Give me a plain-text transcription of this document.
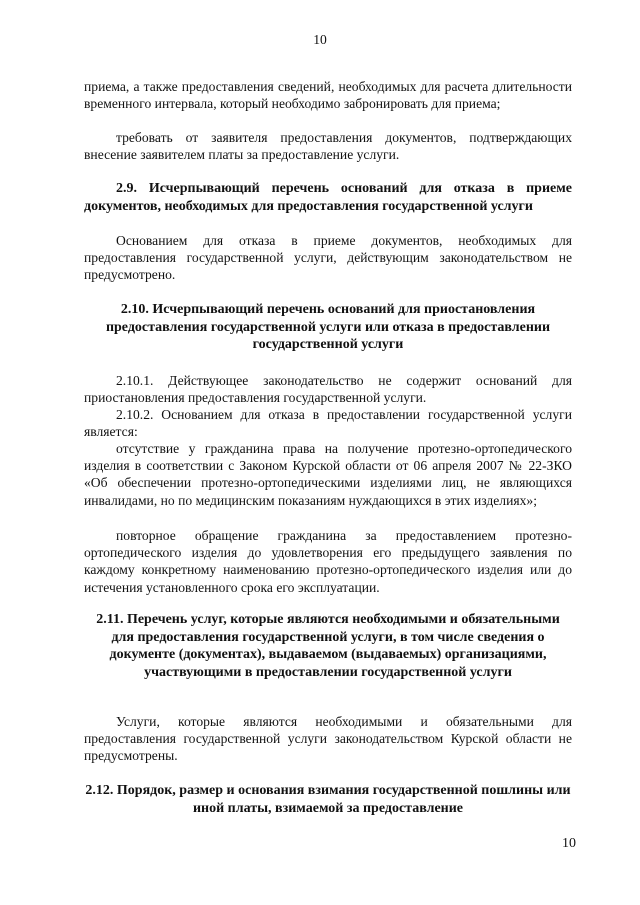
10

приема, а также предоставления сведений, необходимых для расчета длительности временного интервала, который необходимо забронировать для приема;

требовать от заявителя предоставления документов, подтверждающих внесение заявителем платы за предоставление услуги.

2.9. Исчерпывающий перечень оснований для отказа в приеме документов, необходимых для предоставления государственной услуги

Основанием для отказа в приеме документов, необходимых для предоставления государственной услуги, действующим законодательством не предусмотрено.

2.10. Исчерпывающий перечень оснований для приостановления предоставления государственной услуги или отказа в предоставлении государственной услуги

2.10.1. Действующее законодательство не содержит оснований для приостановления предоставления государственной услуги.

2.10.2. Основанием для отказа в предоставлении государственной услуги является:

отсутствие у гражданина права на получение протезно-ортопедического изделия в соответствии с Законом Курской области от 06 апреля 2007 № 22-ЗКО «Об обеспечении протезно-ортопедическими изделиями лиц, не являющихся инвалидами, но по медицинским показаниям нуждающихся в этих изделиях»;

повторное обращение гражданина за предоставлением протезно-ортопедического изделия до удовлетворения его предыдущего заявления по каждому конкретному наименованию протезно-ортопедического изделия или до истечения установленного срока его эксплуатации.

2.11. Перечень услуг, которые являются необходимыми и обязательными для предоставления государственной услуги, в том числе сведения о документе (документах), выдаваемом (выдаваемых) организациями, участвующими в предоставлении государственной услуги

Услуги, которые являются необходимыми и обязательными для предоставления государственной услуги законодательством Курской области не предусмотрены.

2.12. Порядок, размер и основания взимания государственной пошлины или иной платы, взимаемой за предоставление

10
